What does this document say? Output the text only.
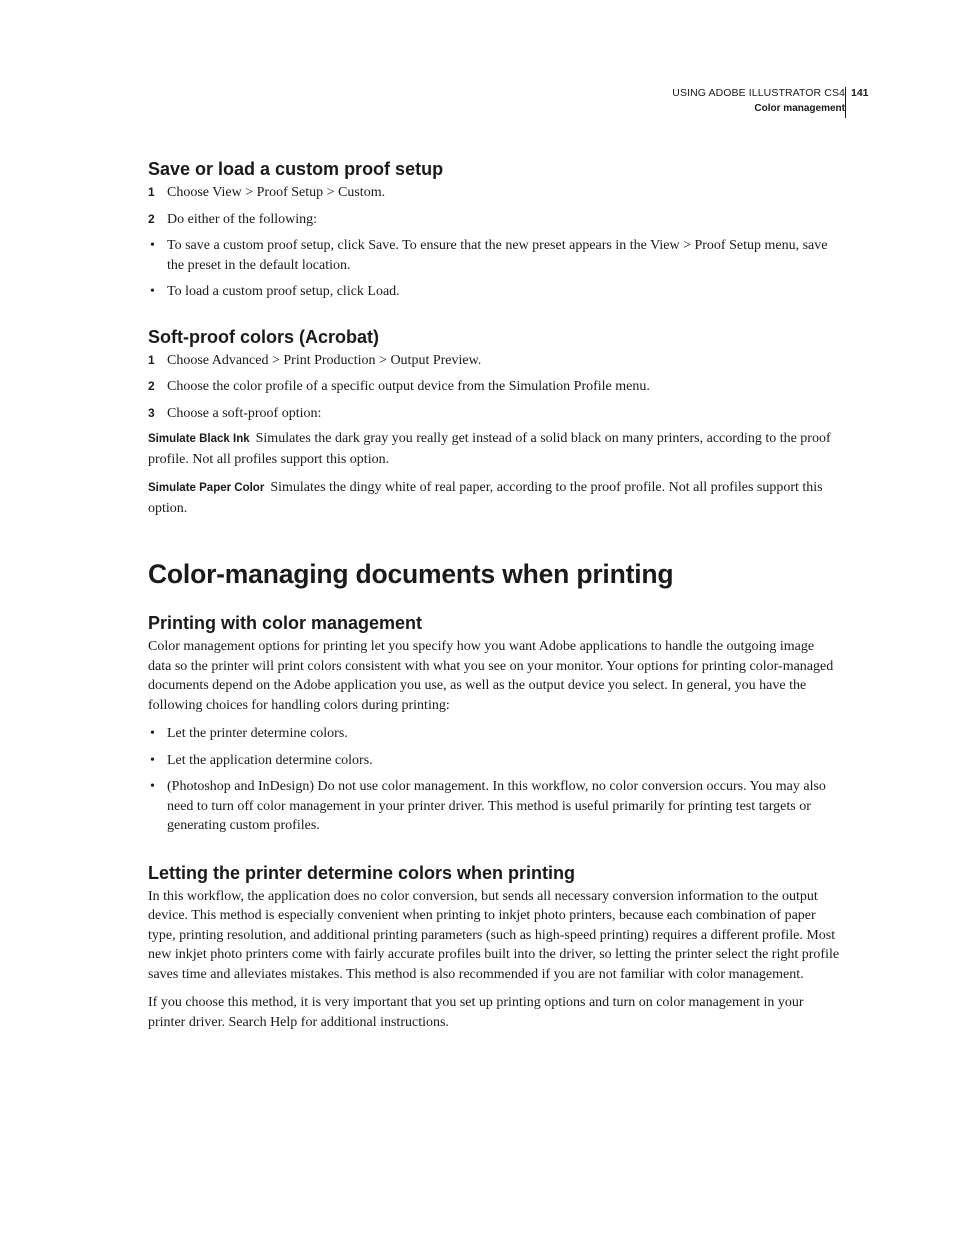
USING ADOBE ILLUSTRATOR CS4
Color management
141
Save or load a custom proof setup

1 Choose View > Proof Setup > Custom.

2 Do either of the following:

• To save a custom proof setup, click Save. To ensure that the new preset appears in the View > Proof Setup menu, save the preset in the default location.

• To load a custom proof setup, click Load.

Soft-proof colors (Acrobat)

1 Choose Advanced > Print Production > Output Preview.

2 Choose the color profile of a specific output device from the Simulation Profile menu.

3 Choose a soft-proof option:

Simulate Black Ink Simulates the dark gray you really get instead of a solid black on many printers, according to the proof profile. Not all profiles support this option.

Simulate Paper Color Simulates the dingy white of real paper, according to the proof profile. Not all profiles support this option.

Color-managing documents when printing
Printing with color management

Color management options for printing let you specify how you want Adobe applications to handle the outgoing image data so the printer will print colors consistent with what you see on your monitor. Your options for printing color-managed documents depend on the Adobe application you use, as well as the output device you select. In general, you have the following choices for handling colors during printing:

• Let the printer determine colors.

• Let the application determine colors.

• (Photoshop and InDesign) Do not use color management. In this workflow, no color conversion occurs. You may also need to turn off color management in your printer driver. This method is useful primarily for printing test targets or generating custom profiles.

Letting the printer determine colors when printing

In this workflow, the application does no color conversion, but sends all necessary conversion information to the output device. This method is especially convenient when printing to inkjet photo printers, because each combination of paper type, printing resolution, and additional printing parameters (such as high-speed printing) requires a different profile. Most new inkjet photo printers come with fairly accurate profiles built into the driver, so letting the printer select the right profile saves time and alleviates mistakes. This method is also recommended if you are not familiar with color management.

If you choose this method, it is very important that you set up printing options and turn on color management in your printer driver. Search Help for additional instructions.
